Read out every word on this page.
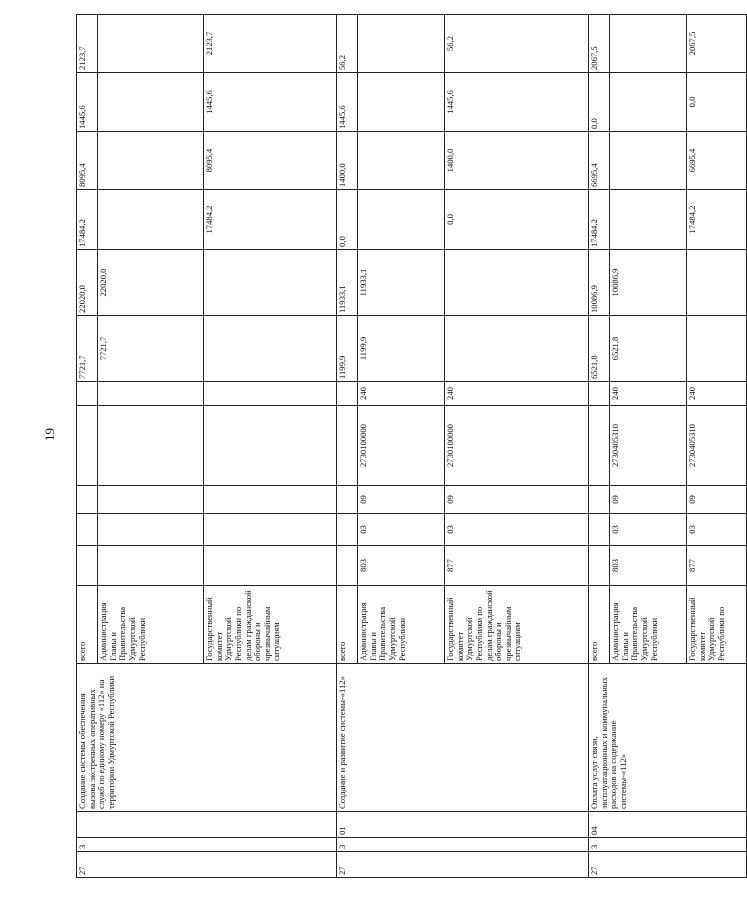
19
27	3		Создание системы обеспечения вызова экстренных оперативных служб по единому номеру «112» на территории Удмуртской Республики	всего						7721,7	22020,0	17484,2	8095,4	1445,6	2123,7
				Администрация Главы и Правительства Удмуртской Республики						7721,7	22020,0				
				Государственный комитет Удмуртской Республики по делам гражданской обороны и чрезвычайным ситуациям								17484,2	8095,4	1445,6	2123,7
27	3	01	Создание и развитие системы-«112»	всего						1199,9	11933,1	0,0	1400,0	1445,6	56,2
				Администрация Главы и Правительства Удмуртской Республики	803	03	09	2730100000	240	1199,9	11933,1				
				Государственный комитет Удмуртской Республики по делам гражданской обороны и чрезвычайным ситуациям	877	03	09	2730100000	240			0,0	1400,0	1445,6	56,2
27	3	04	Оплата услуг связи, эксплуатационных и коммунальных расходов на содержание системы-«112»	всего						6521,8	10086,9	17484,2	6695,4	0,0	2067,5
				Администрация Главы и Правительства Удмуртской Республики	803	03	09	2730405310	240	6521,8	10086,9				
				Государственный комитет Удмуртской Республики по	877	03	09	2730405310	240			17484,2	6695,4	0,0	2067,5
